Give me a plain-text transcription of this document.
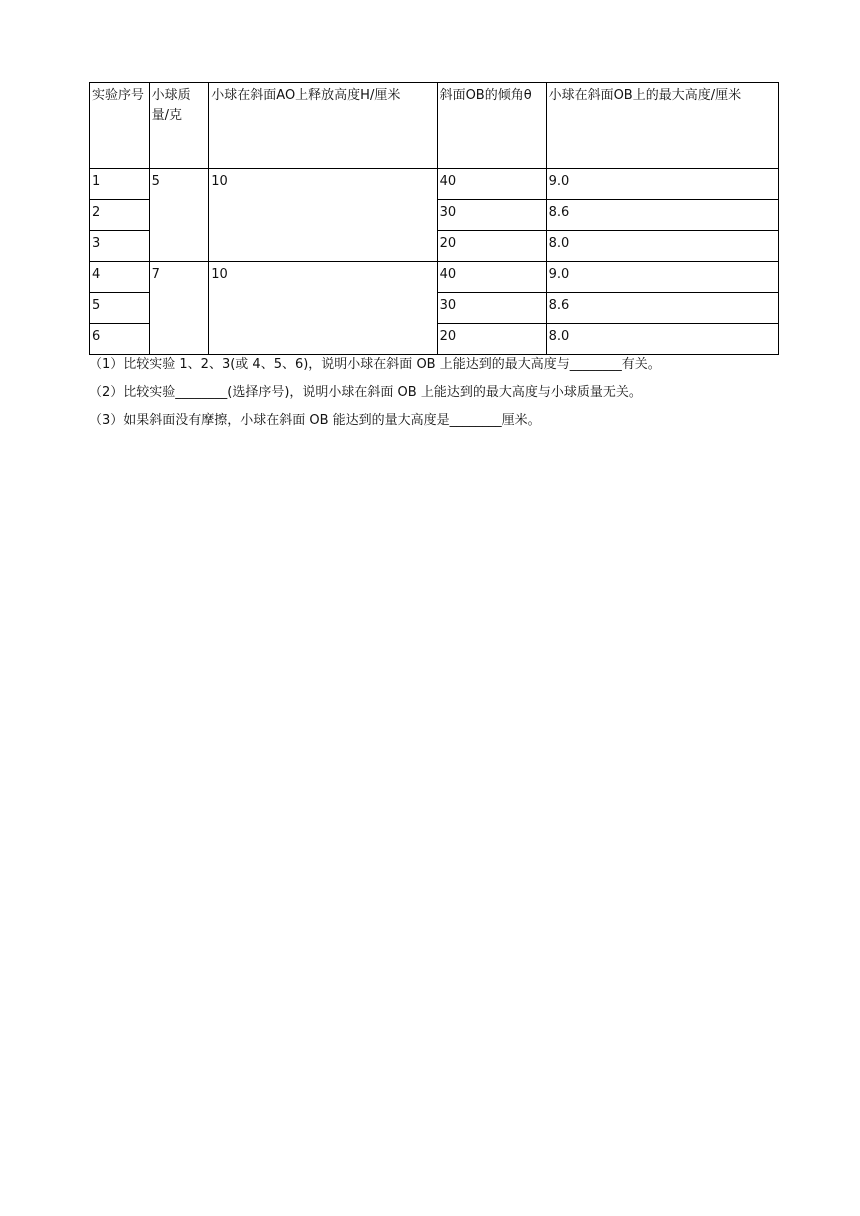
实验序号	小球质量/克	小球在斜面AO上释放高度H/厘米	斜面OB的倾角θ	小球在斜面OB上的最大高度/厘米
1	5	10	40	9.0
2			30	8.6
3			20	8.0
4	7	10	40	9.0
5			30	8.6
6			20	8.0
（1）比较实验 1、2、3(或 4、5、6)，说明小球在斜面 OB 上能达到的最大高度与________有关。
（2）比较实验________(选择序号)，说明小球在斜面 OB 上能达到的最大高度与小球质量无关。
（3）如果斜面没有摩擦，小球在斜面 OB 能达到的量大高度是________厘米。
